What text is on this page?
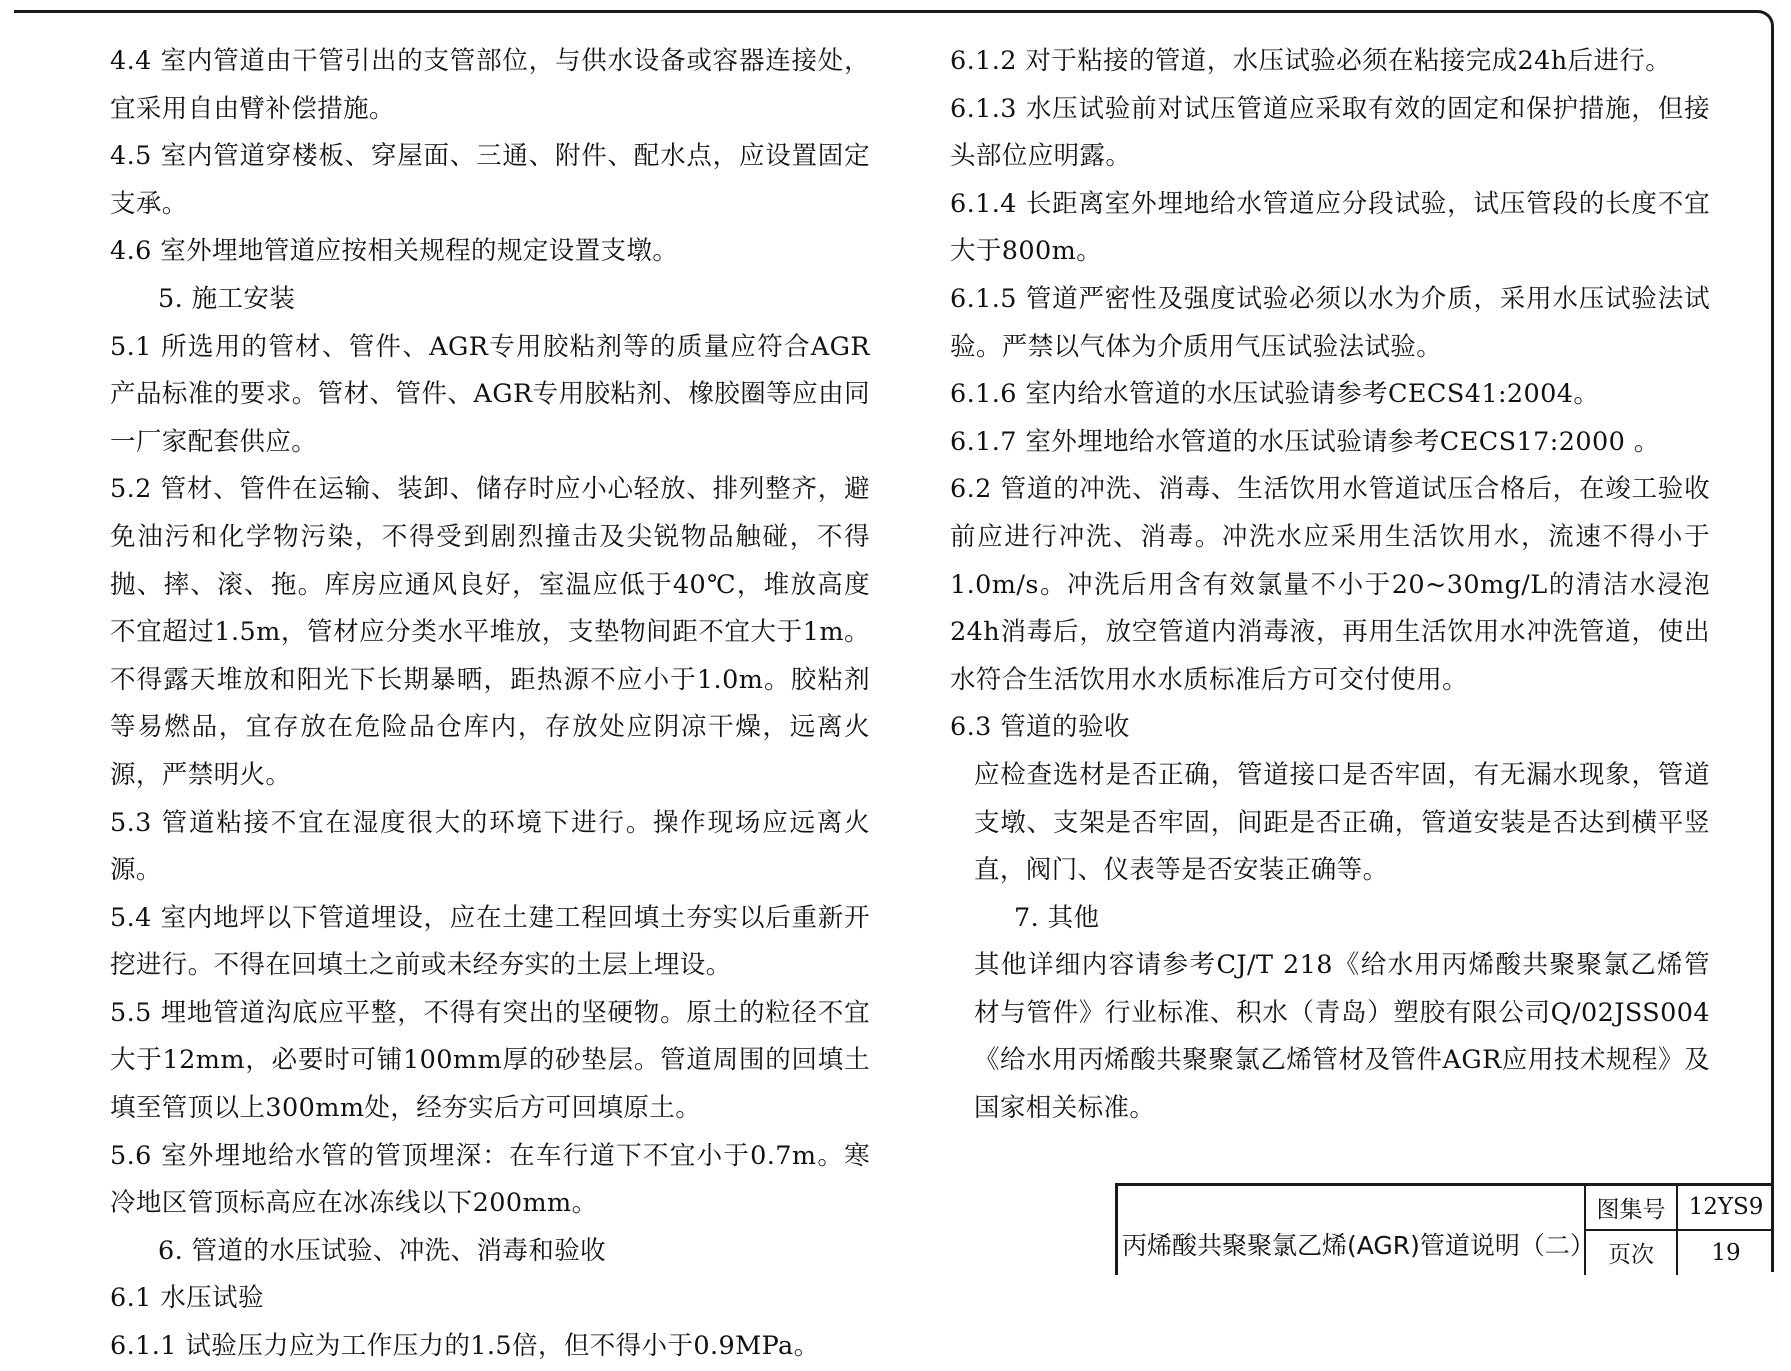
4.4 室内管道由干管引出的支管部位，与供水设备或容器连接处，宜采用自由臂补偿措施。
4.5 室内管道穿楼板、穿屋面、三通、附件、配水点，应设置固定支承。
4.6 室外埋地管道应按相关规程的规定设置支墩。
5. 施工安装
5.1 所选用的管材、管件、AGR专用胶粘剂等的质量应符合AGR产品标准的要求。管材、管件、AGR专用胶粘剂、橡胶圈等应由同一厂家配套供应。
5.2 管材、管件在运输、装卸、储存时应小心轻放、排列整齐，避免油污和化学物污染，不得受到剧烈撞击及尖锐物品触碰，不得抛、摔、滚、拖。库房应通风良好，室温应低于40℃，堆放高度不宜超过1.5m，管材应分类水平堆放，支垫物间距不宜大于1m。不得露天堆放和阳光下长期暴晒，距热源不应小于1.0m。胶粘剂等易燃品，宜存放在危险品仓库内，存放处应阴凉干燥，远离火源，严禁明火。
5.3 管道粘接不宜在湿度很大的环境下进行。操作现场应远离火源。
5.4 室内地坪以下管道埋设，应在土建工程回填土夯实以后重新开挖进行。不得在回填土之前或未经夯实的土层上埋设。
5.5 埋地管道沟底应平整，不得有突出的坚硬物。原土的粒径不宜大于12mm，必要时可铺100mm厚的砂垫层。管道周围的回填土填至管顶以上300mm处，经夯实后方可回填原土。
5.6 室外埋地给水管的管顶埋深：在车行道下不宜小于0.7m。寒冷地区管顶标高应在冰冻线以下200mm。
6. 管道的水压试验、冲洗、消毒和验收
6.1 水压试验
6.1.1 试验压力应为工作压力的1.5倍，但不得小于0.9MPa。
6.1.2 对于粘接的管道，水压试验必须在粘接完成24h后进行。
6.1.3 水压试验前对试压管道应采取有效的固定和保护措施，但接头部位应明露。
6.1.4 长距离室外埋地给水管道应分段试验，试压管段的长度不宜大于800m。
6.1.5 管道严密性及强度试验必须以水为介质，采用水压试验法试验。严禁以气体为介质用气压试验法试验。
6.1.6 室内给水管道的水压试验请参考CECS41:2004。
6.1.7 室外埋地给水管道的水压试验请参考CECS17:2000 。
6.2 管道的冲洗、消毒、生活饮用水管道试压合格后，在竣工验收前应进行冲洗、消毒。冲洗水应采用生活饮用水，流速不得小于1.0m/s。冲洗后用含有效氯量不小于20~30mg/L的清洁水浸泡24h消毒后，放空管道内消毒液，再用生活饮用水冲洗管道，使出水符合生活饮用水水质标准后方可交付使用。
6.3 管道的验收
应检查选材是否正确，管道接口是否牢固，有无漏水现象，管道支墩、支架是否牢固，间距是否正确，管道安装是否达到横平竖直，阀门、仪表等是否安装正确等。
7. 其他
其他详细内容请参考CJ/T 218《给水用丙烯酸共聚聚氯乙烯管材与管件》行业标准、积水（青岛）塑胶有限公司Q/02JSS004《给水用丙烯酸共聚聚氯乙烯管材及管件AGR应用技术规程》及国家相关标准。
丙烯酸共聚聚氯乙烯(AGR)管道说明（二）
图集号	12YS9
页次	19
